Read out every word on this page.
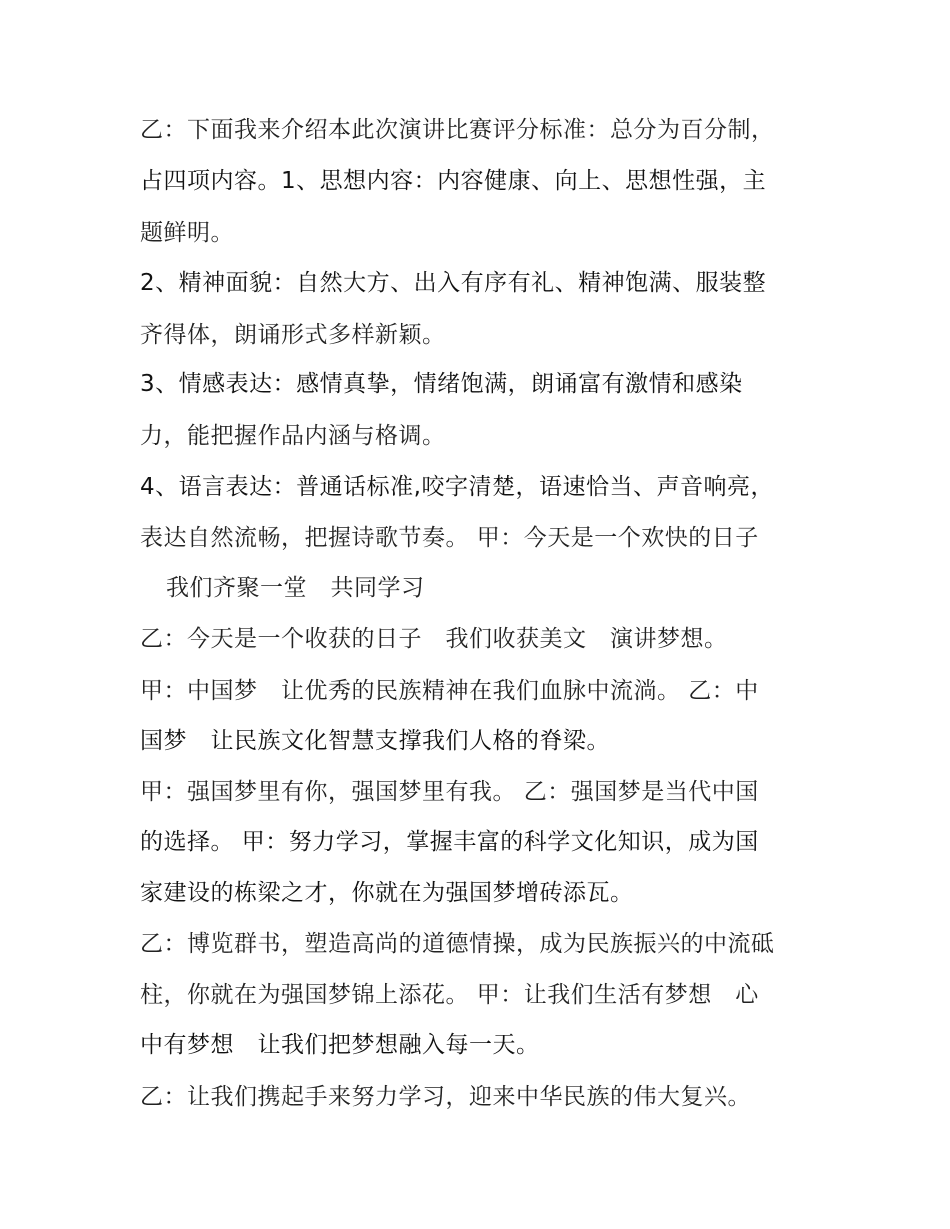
乙：下面我来介绍本此次演讲比赛评分标准：总分为百分制，
占四项内容。1、思想内容：内容健康、向上、思想性强，主
题鲜明。
2、精神面貌：自然大方、出入有序有礼、精神饱满、服装整
齐得体，朗诵形式多样新颖。
3、情感表达：感情真挚，情绪饱满，朗诵富有激情和感染
力，能把握作品内涵与格调。
4、语言表达：普通话标准,咬字清楚，语速恰当、声音响亮，
表达自然流畅，把握诗歌节奏。 甲：今天是一个欢快的日子
我们齐聚一堂　共同学习
乙：今天是一个收获的日子　我们收获美文　演讲梦想。
甲：中国梦　让优秀的民族精神在我们血脉中流淌。 乙：中
国梦　让民族文化智慧支撑我们人格的脊梁。
甲：强国梦里有你，强国梦里有我。 乙：强国梦是当代中国
的选择。 甲：努力学习，掌握丰富的科学文化知识，成为国
家建设的栋梁之才，你就在为强国梦增砖添瓦。
乙：博览群书，塑造高尚的道德情操，成为民族振兴的中流砥
柱，你就在为强国梦锦上添花。 甲：让我们生活有梦想　心
中有梦想　让我们把梦想融入每一天。
乙：让我们携起手来努力学习，迎来中华民族的伟大复兴。
